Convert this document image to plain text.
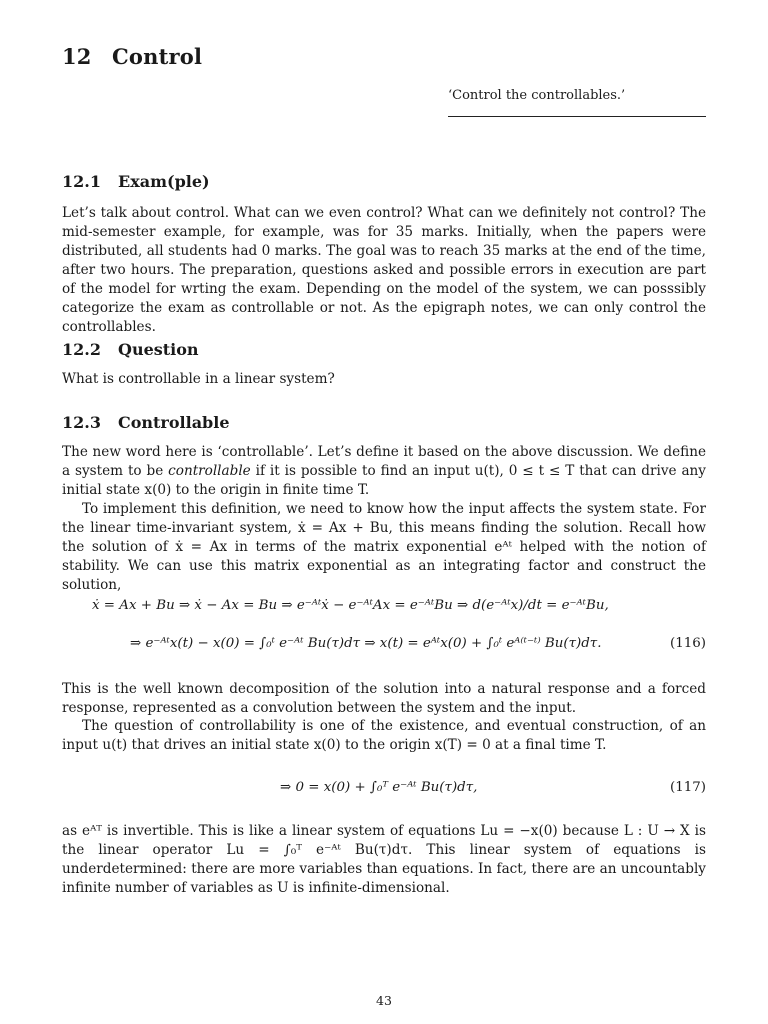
12 Control
‘Control the controllables.’
12.1 Exam(ple)
Let’s talk about control. What can we even control? What can we definitely not control? The mid-semester example, for example, was for 35 marks. Initially, when the papers were distributed, all students had 0 marks. The goal was to reach 35 marks at the end of the time, after two hours. The preparation, questions asked and possible errors in execution are part of the model for wrting the exam. Depending on the model of the system, we can posssibly categorize the exam as controllable or not. As the epigraph notes, we can only control the controllables.
12.2 Question
What is controllable in a linear system?
12.3 Controllable
The new word here is ‘controllable’. Let’s define it based on the above discussion. We define a system to be controllable if it is possible to find an input u(t), 0 ≤ t ≤ T that can drive any initial state x(0) to the origin in finite time T.
To implement this definition, we need to know how the input affects the system state. For the linear time-invariant system, ẋ = Ax + Bu, this means finding the solution. Recall how the solution of ẋ = Ax in terms of the matrix exponential eᴬᵗ helped with the notion of stability. We can use this matrix exponential as an integrating factor and construct the solution,
ẋ = Ax + Bu ⇒ ẋ − Ax = Bu ⇒ e⁻ᴬᵗẋ − e⁻ᴬᵗAx = e⁻ᴬᵗBu ⇒ d(e⁻ᴬᵗx)/dt = e⁻ᴬᵗBu,
⇒ e⁻ᴬᵗx(t) − x(0) = ∫₀ᵗ e⁻ᴬᵗ Bu(τ)dτ ⇒ x(t) = eᴬᵗx(0) + ∫₀ᵗ eᴬ⁽ᵗ⁻ᵗ⁾ Bu(τ)dτ.	(116)
This is the well known decomposition of the solution into a natural response and a forced response, represented as a convolution between the system and the input.
The question of controllability is one of the existence, and eventual construction, of an input u(t) that drives an initial state x(0) to the origin x(T) = 0 at a final time T.
⇒ 0 = x(0) + ∫₀ᵀ e⁻ᴬᵗ Bu(τ)dτ,	(117)
as eᴬᵀ is invertible. This is like a linear system of equations Lu = −x(0) because L : U → X is the linear operator Lu = ∫₀ᵀ e⁻ᴬᵗ Bu(τ)dτ. This linear system of equations is underdetermined: there are more variables than equations. In fact, there are an uncountably infinite number of variables as U is infinite-dimensional.
43
